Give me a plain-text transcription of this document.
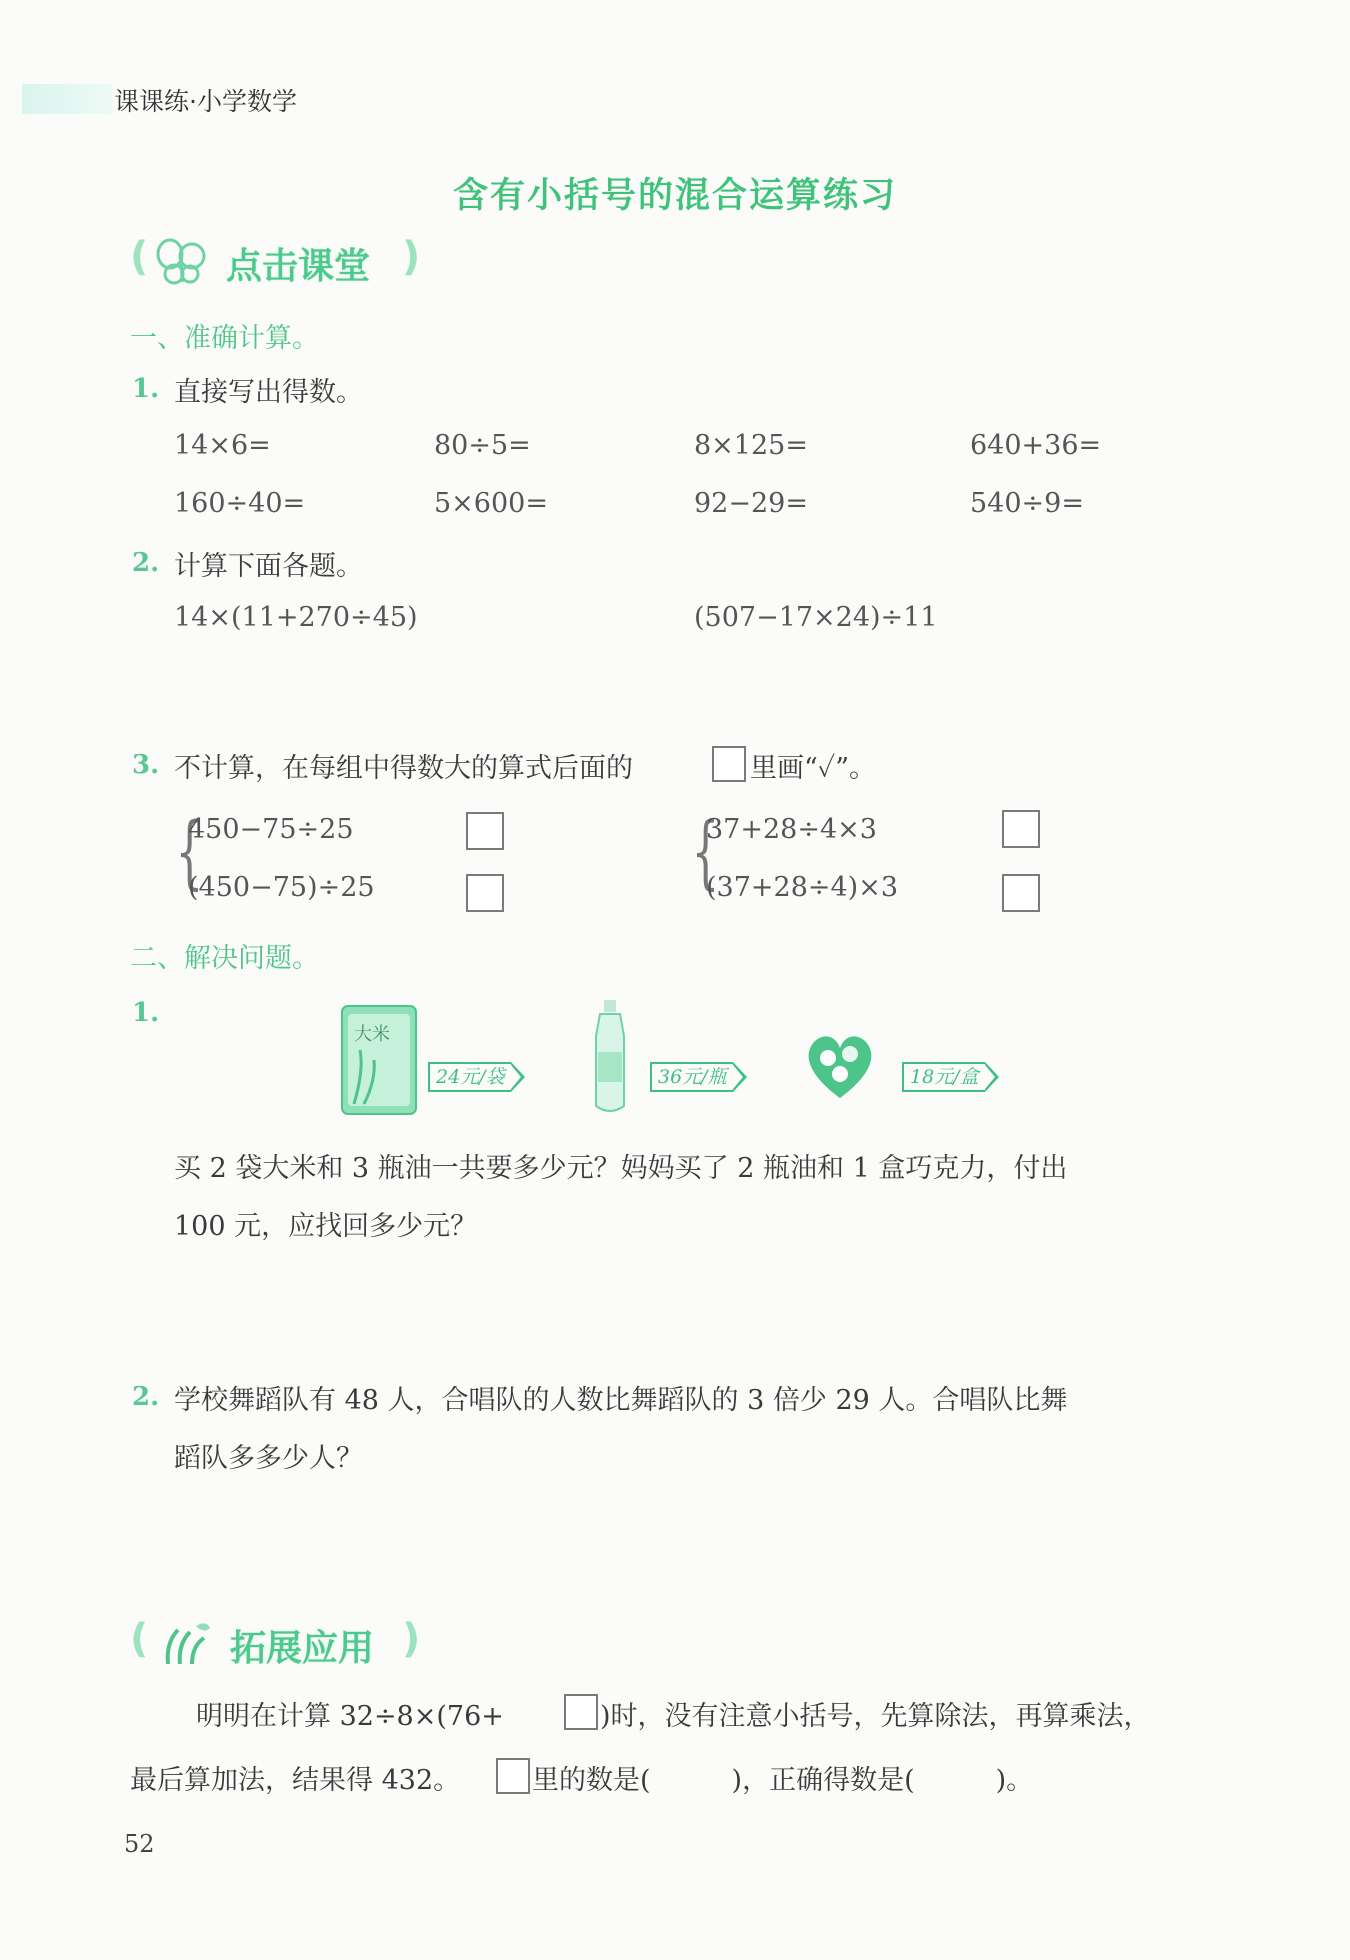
课课练·小学数学
含有小括号的混合运算练习
( 点击课堂 )
一、准确计算。
1. 直接写出得数。
14×6=	80÷5=	8×125=	640+36=
160÷40=	5×600=	92−29=	540÷9=
2. 计算下面各题。
14×(11+270÷45)	(507−17×24)÷11
3. 不计算，在每组中得数大的算式后面的	里画“✓”。
{
450−75÷25
(450−75)÷25	{
37+28÷4×3
(37+28÷4)×3
二、解决问题。
1.
大米
24元/袋	36元/瓶	18元/盒
买 2 袋大米和 3 瓶油一共要多少元？妈妈买了 2 瓶油和 1 盒巧克力，付出
100 元，应找回多少元？
2. 学校舞蹈队有 48 人，合唱队的人数比舞蹈队的 3 倍少 29 人。合唱队比舞
蹈队多多少人？
( 拓展应用 )
明明在计算 32÷8×(76+	)时，没有注意小括号，先算除法，再算乘法，
最后算加法，结果得 432。	里的数是(　　　)，正确得数是(　　　)。
52
